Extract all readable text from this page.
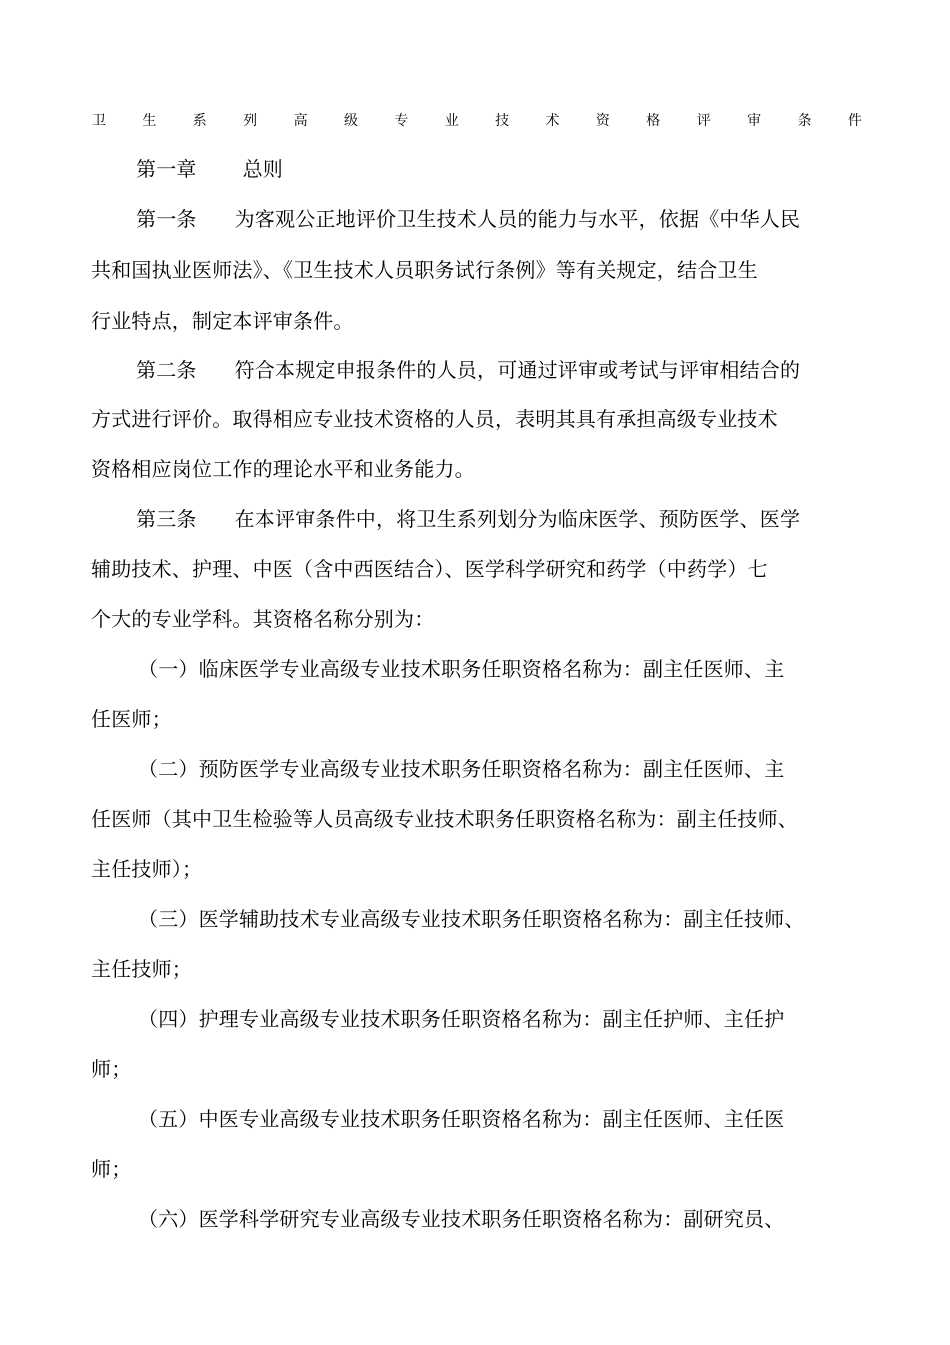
卫	生	系	列	高	级	专	业	技	术	资	格	评	审	条	件
第一章 总则
第一条 为客观公正地评价卫生技术人员的能力与水平，依据《中华人民
共和国执业医师法》、《卫生技术人员职务试行条例》等有关规定，结合卫生
行业特点，制定本评审条件。
第二条 符合本规定申报条件的人员，可通过评审或考试与评审相结合的
方式进行评价。取得相应专业技术资格的人员，表明其具有承担高级专业技术
资格相应岗位工作的理论水平和业务能力。
第三条 在本评审条件中，将卫生系列划分为临床医学、预防医学、医学
辅助技术、护理、中医（含中西医结合）、医学科学研究和药学（中药学）七
个大的专业学科。其资格名称分别为：
（一）临床医学专业高级专业技术职务任职资格名称为：副主任医师、主
任医师；
（二）预防医学专业高级专业技术职务任职资格名称为：副主任医师、主
任医师（其中卫生检验等人员高级专业技术职务任职资格名称为：副主任技师、
主任技师）；
（三）医学辅助技术专业高级专业技术职务任职资格名称为：副主任技师、
主任技师；
（四）护理专业高级专业技术职务任职资格名称为：副主任护师、主任护
师；
（五）中医专业高级专业技术职务任职资格名称为：副主任医师、主任医
师；
（六）医学科学研究专业高级专业技术职务任职资格名称为：副研究员、
